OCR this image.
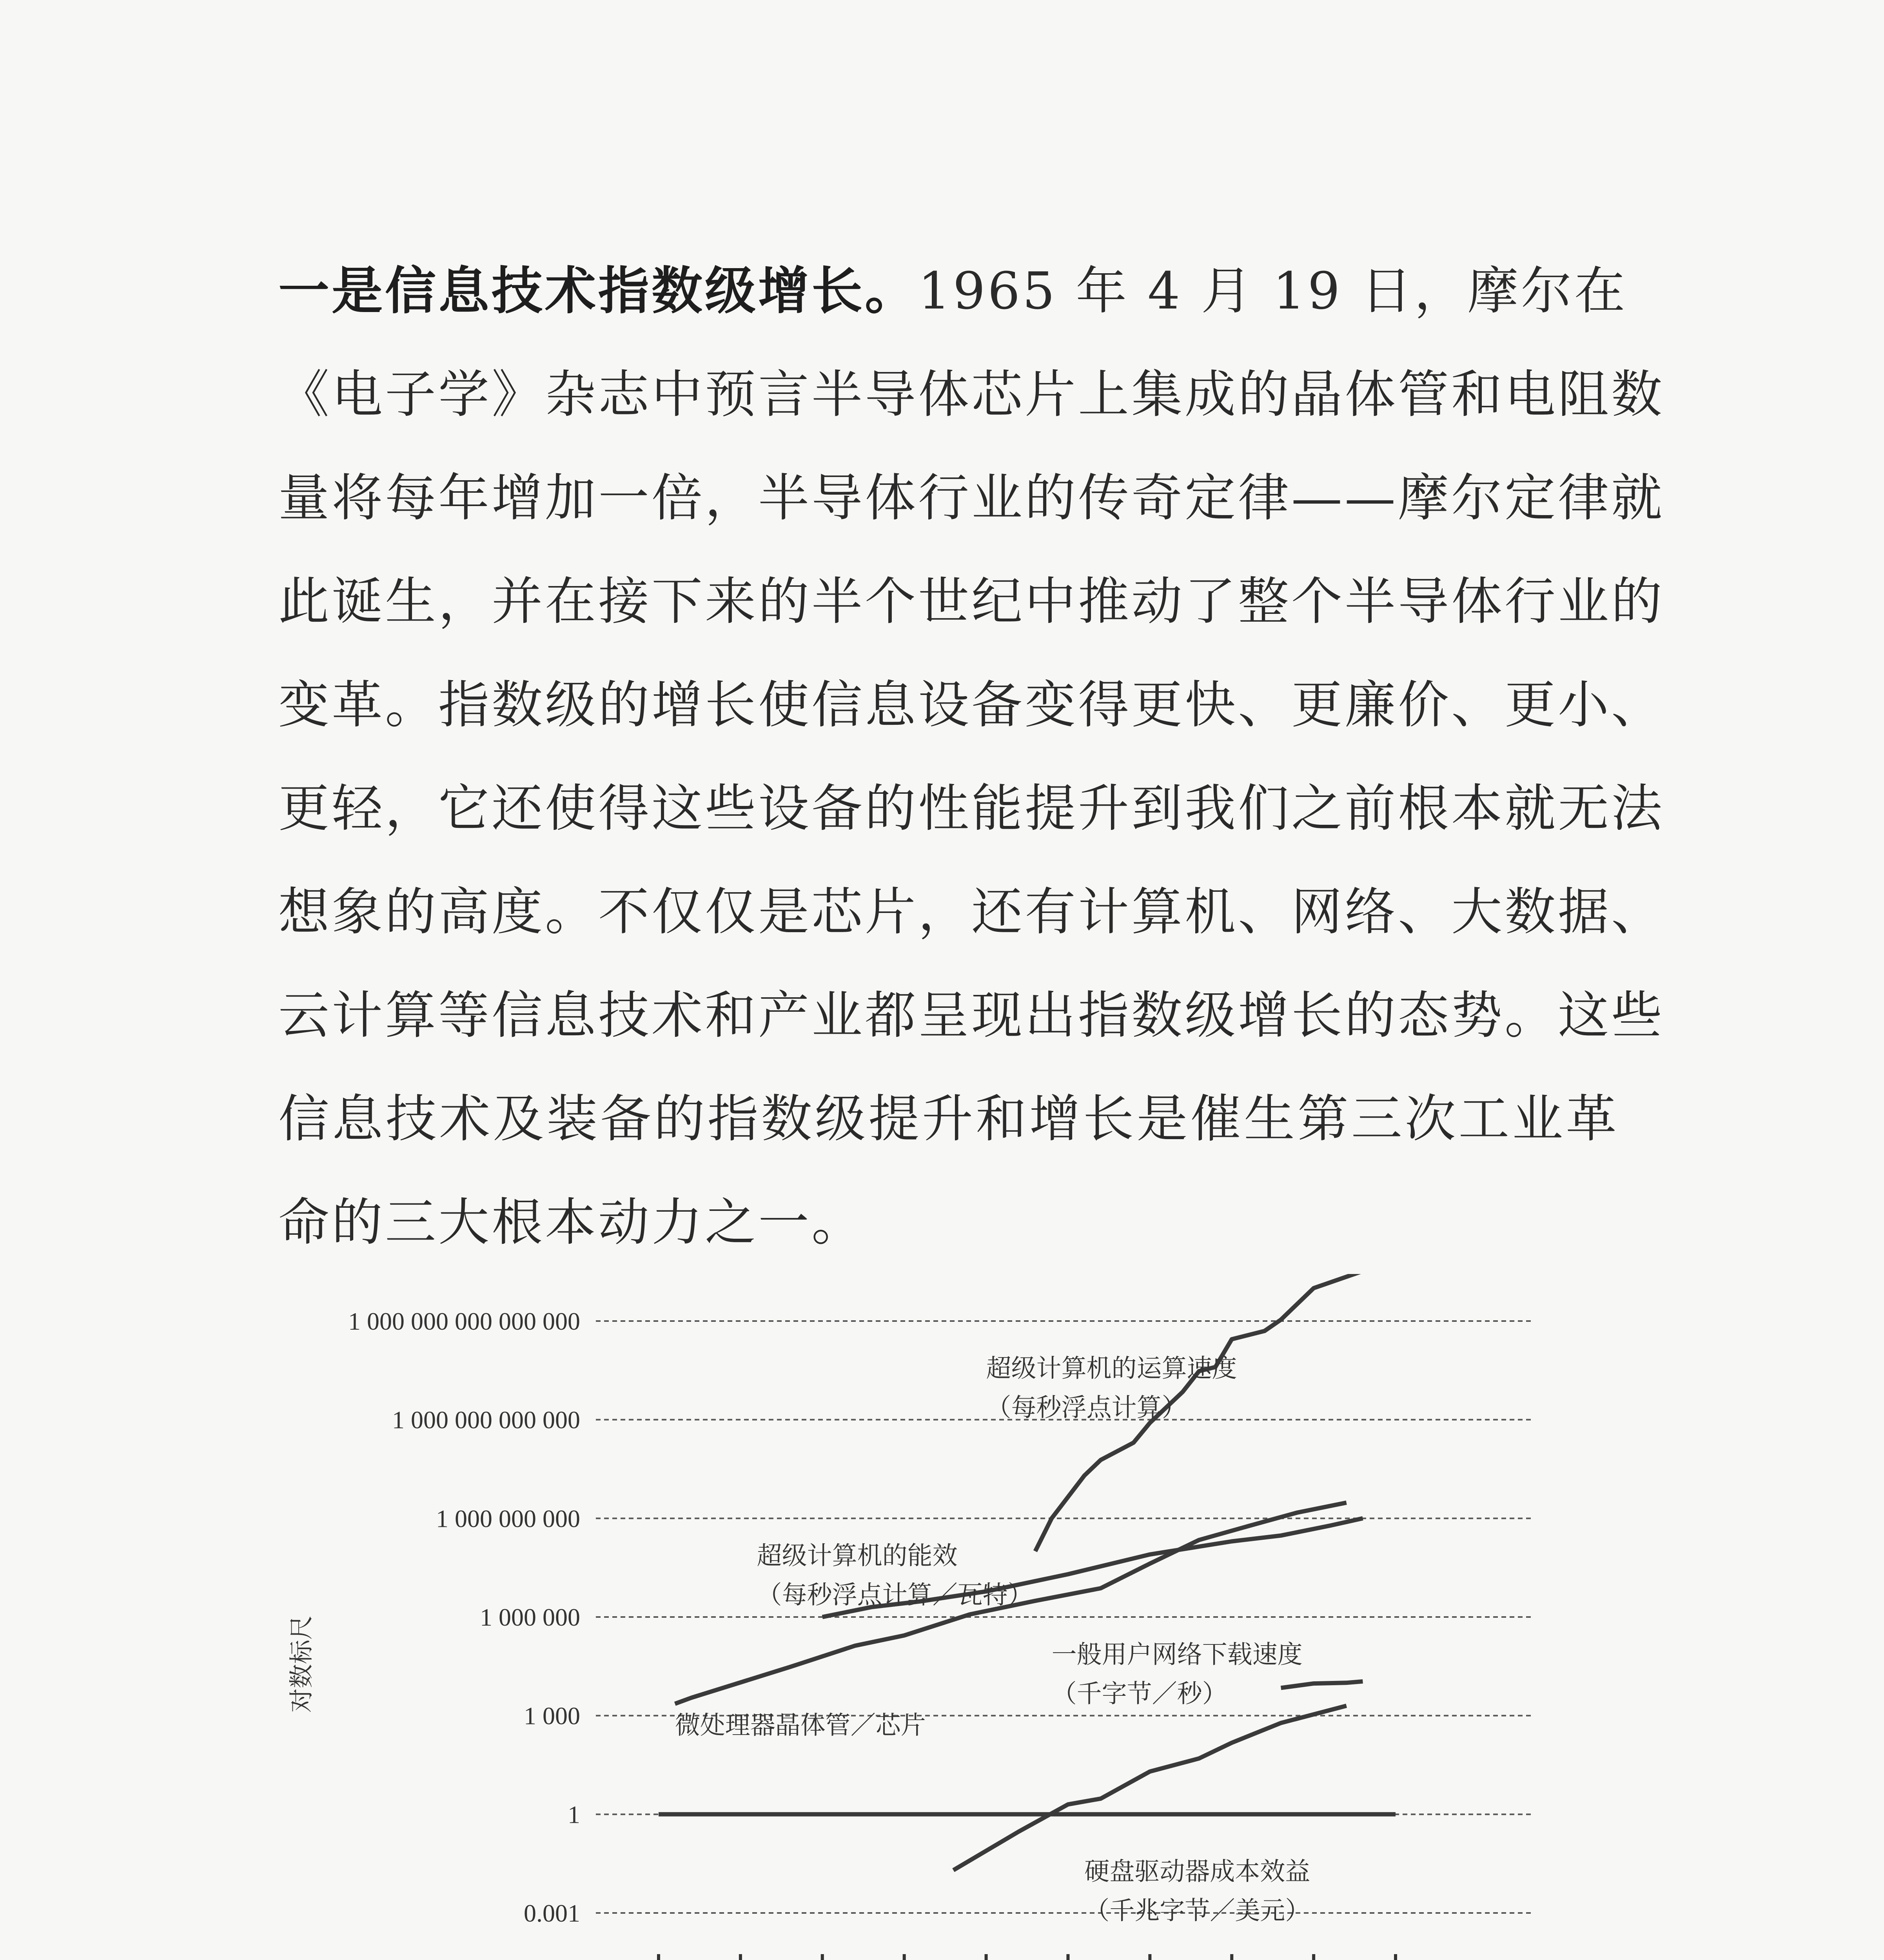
一是信息技术指数级增长。1965 年 4 月 19 日，摩尔在
《电子学》杂志中预言半导体芯片上集成的晶体管和电阻数
量将每年增加一倍，半导体行业的传奇定律——摩尔定律就
此诞生，并在接下来的半个世纪中推动了整个半导体行业的
变革。指数级的增长使信息设备变得更快、更廉价、更小、
更轻，它还使得这些设备的性能提升到我们之前根本就无法
想象的高度。不仅仅是芯片，还有计算机、网络、大数据、
云计算等信息技术和产业都呈现出指数级增长的态势。这些
信息技术及装备的指数级提升和增长是催生第三次工业革
命的三大根本动力之一。
0.001
1
1 000
1 000 000
1 000 000 000
1 000 000 000 000
1 000 000 000 000 000
对数标尺
超级计算机的运算速度
（每秒浮点计算）
超级计算机的能效
（每秒浮点计算／瓦特）
微处理器晶体管／芯片
一般用户网络下载速度
（千字节／秒）
硬盘驱动器成本效益
（千兆字节／美元）
